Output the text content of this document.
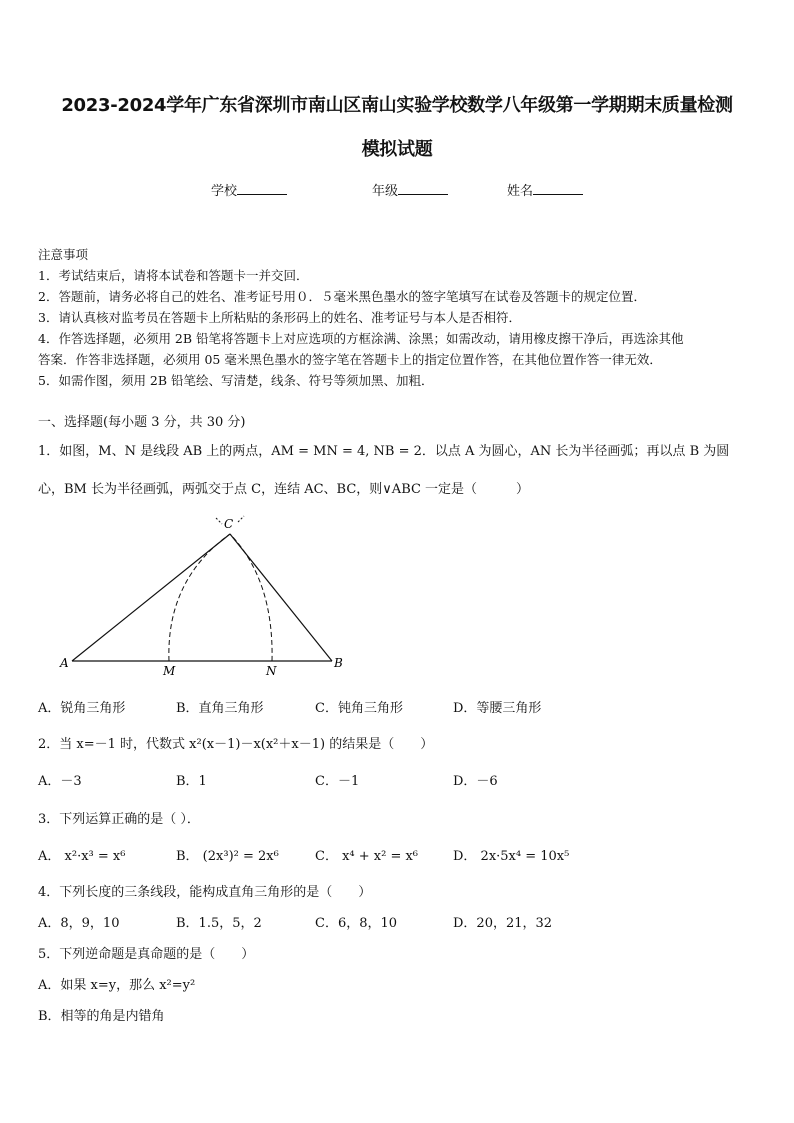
2023-2024学年广东省深圳市南山区南山实验学校数学八年级第一学期期末质量检测
模拟试题
学校	年级	姓名
注意事项
1．考试结束后，请将本试卷和答题卡一并交回．
2．答题前，请务必将自己的姓名、准考证号用０．５毫米黑色墨水的签字笔填写在试卷及答题卡的规定位置．
3．请认真核对监考员在答题卡上所粘贴的条形码上的姓名、准考证号与本人是否相符．
4．作答选择题，必须用 2B 铅笔将答题卡上对应选项的方框涂满、涂黑；如需改动，请用橡皮擦干净后，再选涂其他
答案．作答非选择题，必须用 05 毫米黑色墨水的签字笔在答题卡上的指定位置作答，在其他位置作答一律无效．
5．如需作图，须用 2B 铅笔绘、写清楚，线条、符号等须加黑、加粗．
一、选择题(每小题 3 分，共 30 分)
1．如图，M、N 是线段 AB 上的两点，AM = MN = 4, NB = 2．以点 A 为圆心，AN 长为半径画弧；再以点 B 为圆
心，BM 长为半径画弧，两弧交于点 C，连结 AC、BC，则∨ABC 一定是（　　　）
C
A	B
M	N
A．锐角三角形	B．直角三角形	C．钝角三角形	D．等腰三角形
2．当 x=－1 时，代数式 x²(x－1)－x(x²＋x－1) 的结果是（　　）
A．－3	B．1	C．－1	D．－6
3．下列运算正确的是（ ）．
A． x²·x³ = x⁶	B． (2x³)² = 2x⁶	C． x⁴ + x² = x⁶	D． 2x·5x⁴ = 10x⁵
4．下列长度的三条线段，能构成直角三角形的是（　　）
A．8，9，10	B．1.5，5，2	C．6，8，10	D．20，21，32
5．下列逆命题是真命题的是（　　）
A．如果 x=y，那么 x²=y²
B．相等的角是内错角
